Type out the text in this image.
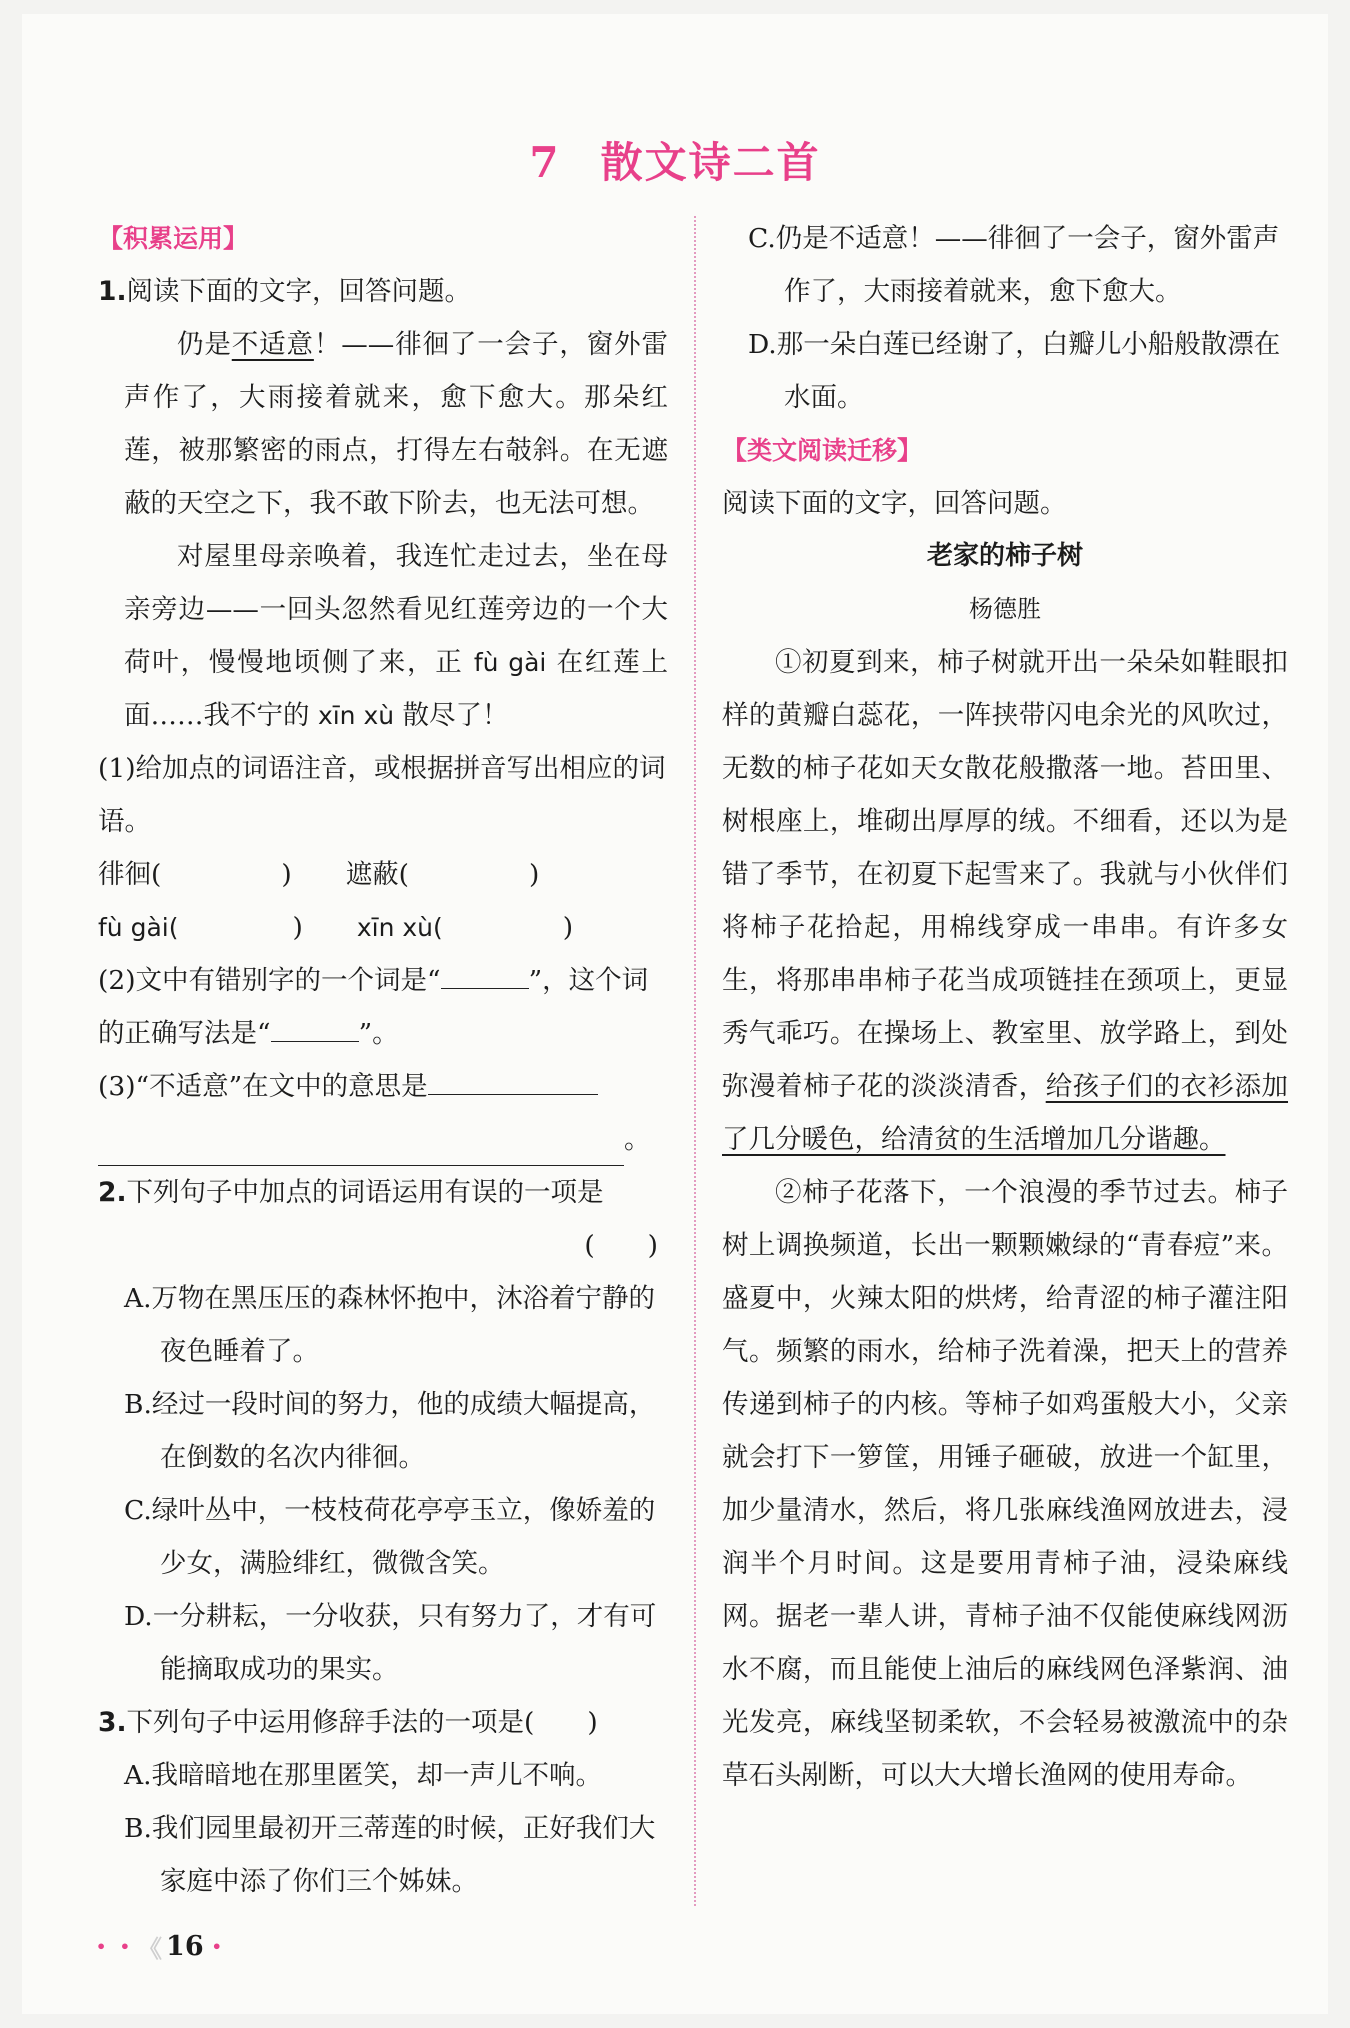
7 散文诗二首
【积累运用】
1.阅读下面的文字，回答问题。
仍是不适意！——徘徊了一会子，窗外雷声作了，大雨接着就来，愈下愈大。那朵红莲，被那繁密的雨点，打得左右攲斜。在无遮蔽的天空之下，我不敢下阶去，也无法可想。
对屋里母亲唤着，我连忙走过去，坐在母亲旁边——一回头忽然看见红莲旁边的一个大荷叶，慢慢地顷侧了来，正 fù gài 在红莲上面……我不宁的 xīn xù 散尽了！
(1)给加点的词语注音，或根据拼音写出相应的词语。
徘徊(	) 遮蔽(	)
fù gài(	) xīn xù(	)
(2)文中有错别字的一个词是“	”，这个词的正确写法是“	”。
(3)“不适意”在文中的意思是
。
2.下列句子中加点的词语运用有误的一项是
(　　)
A.万物在黑压压的森林怀抱中，沐浴着宁静的夜色睡着了。
B.经过一段时间的努力，他的成绩大幅提高，在倒数的名次内徘徊。
C.绿叶丛中，一枝枝荷花亭亭玉立，像娇羞的少女，满脸绯红，微微含笑。
D.一分耕耘，一分收获，只有努力了，才有可能摘取成功的果实。
3.下列句子中运用修辞手法的一项是(　　)
A.我暗暗地在那里匿笑，却一声儿不响。
B.我们园里最初开三蒂莲的时候，正好我们大家庭中添了你们三个姊妹。
C.仍是不适意！——徘徊了一会子，窗外雷声作了，大雨接着就来，愈下愈大。
D.那一朵白莲已经谢了，白瓣儿小船般散漂在水面。
【类文阅读迁移】
阅读下面的文字，回答问题。
老家的柿子树
杨德胜
①初夏到来，柿子树就开出一朵朵如鞋眼扣样的黄瓣白蕊花，一阵挟带闪电余光的风吹过，无数的柿子花如天女散花般撒落一地。苔田里、树根座上，堆砌出厚厚的绒。不细看，还以为是错了季节，在初夏下起雪来了。我就与小伙伴们将柿子花拾起，用棉线穿成一串串。有许多女生，将那串串柿子花当成项链挂在颈项上，更显秀气乖巧。在操场上、教室里、放学路上，到处弥漫着柿子花的淡淡清香，给孩子们的衣衫添加了几分暖色，给清贫的生活增加几分谐趣。
②柿子花落下，一个浪漫的季节过去。柿子树上调换频道，长出一颗颗嫩绿的“青春痘”来。盛夏中，火辣太阳的烘烤，给青涩的柿子灌注阳气。频繁的雨水，给柿子洗着澡，把天上的营养传递到柿子的内核。等柿子如鸡蛋般大小，父亲就会打下一箩筐，用锤子砸破，放进一个缸里，加少量清水，然后，将几张麻线渔网放进去，浸润半个月时间。这是要用青柿子油，浸染麻线网。据老一辈人讲，青柿子油不仅能使麻线网沥水不腐，而且能使上油后的麻线网色泽紫润、油光发亮，麻线坚韧柔软，不会轻易被激流中的杂草石头剐断，可以大大增长渔网的使用寿命。
• • 《 16 •
